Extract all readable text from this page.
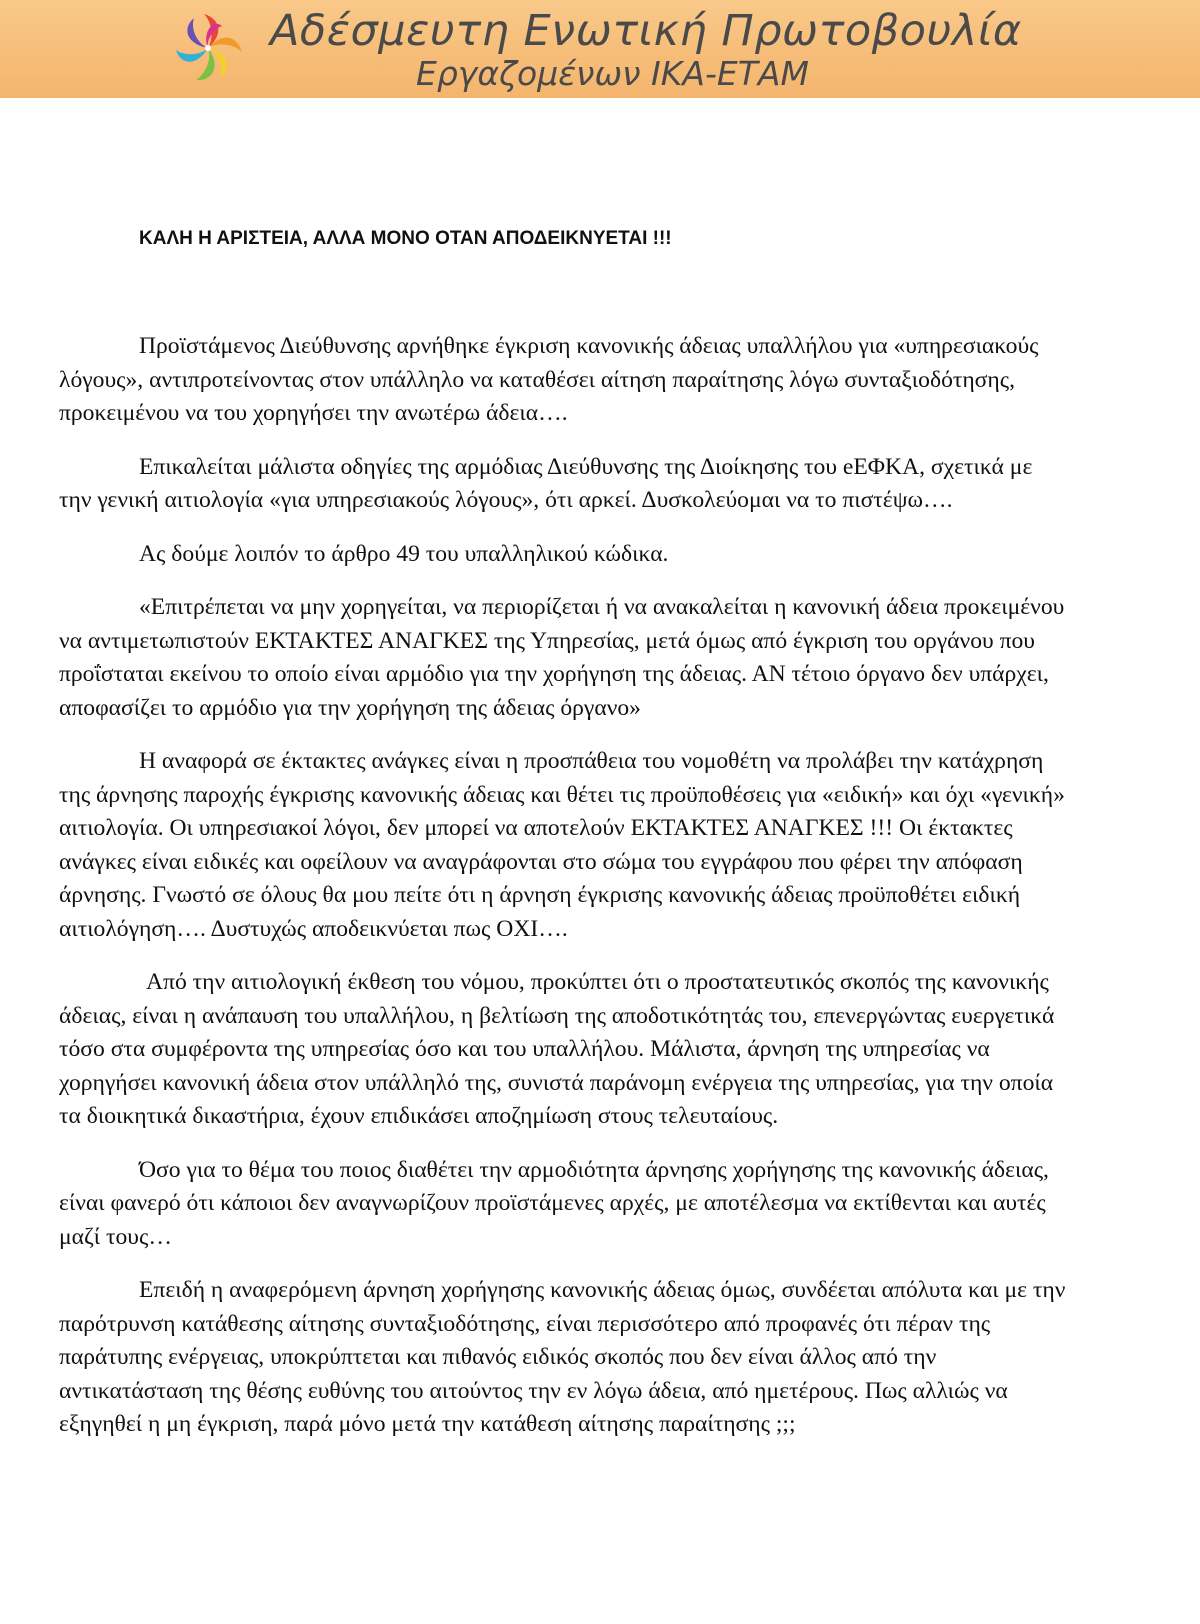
Αδέσμευτη Ενωτική Πρωτοβουλία
Εργαζομένων ΙΚΑ-ΕΤΑΜ
ΚΑΛΗ Η ΑΡΙΣΤΕΙΑ, ΑΛΛΑ ΜΟΝΟ ΟΤΑΝ ΑΠΟΔΕΙΚΝΥΕΤΑΙ !!!

Προϊστάμενος Διεύθυνσης αρνήθηκε έγκριση κανονικής άδειας υπαλλήλου για «υπηρεσιακούς λόγους», αντιπροτείνοντας στον υπάλληλο να καταθέσει αίτηση παραίτησης λόγω συνταξιοδότησης, προκειμένου να του χορηγήσει την ανωτέρω άδεια….

Επικαλείται μάλιστα οδηγίες της αρμόδιας Διεύθυνσης της Διοίκησης του eΕΦΚΑ, σχετικά με την γενική αιτιολογία «για υπηρεσιακούς λόγους», ότι αρκεί. Δυσκολεύομαι να το πιστέψω….

Ας δούμε λοιπόν το άρθρο 49 του υπαλληλικού κώδικα.

«Επιτρέπεται να μην χορηγείται, να περιορίζεται ή να ανακαλείται η κανονική άδεια προκειμένου να αντιμετωπιστούν ΕΚΤΑΚΤΕΣ ΑΝΑΓΚΕΣ της Υπηρεσίας, μετά όμως από έγκριση του οργάνου που προΐσταται εκείνου το οποίο είναι αρμόδιο για την χορήγηση της άδειας. ΑΝ τέτοιο όργανο δεν υπάρχει, αποφασίζει το αρμόδιο για την χορήγηση της άδειας όργανο»

Η αναφορά σε έκτακτες ανάγκες είναι η προσπάθεια του νομοθέτη να προλάβει την κατάχρηση της άρνησης παροχής έγκρισης κανονικής άδειας και θέτει τις προϋποθέσεις για «ειδική» και όχι «γενική» αιτιολογία. Οι υπηρεσιακοί λόγοι, δεν μπορεί να αποτελούν ΕΚΤΑΚΤΕΣ ΑΝΑΓΚΕΣ !!! Οι έκτακτες ανάγκες είναι ειδικές και οφείλουν να αναγράφονται στο σώμα του εγγράφου που φέρει την απόφαση άρνησης. Γνωστό σε όλους θα μου πείτε ότι η άρνηση έγκρισης κανονικής άδειας προϋποθέτει ειδική αιτιολόγηση…. Δυστυχώς αποδεικνύεται πως ΟΧΙ….

Από την αιτιολογική έκθεση του νόμου, προκύπτει ότι ο προστατευτικός σκοπός της κανονικής άδειας, είναι η ανάπαυση του υπαλλήλου, η βελτίωση της αποδοτικότητάς του, επενεργώντας ευεργετικά τόσο στα συμφέροντα της υπηρεσίας όσο και του υπαλλήλου. Μάλιστα, άρνηση της υπηρεσίας να χορηγήσει κανονική άδεια στον υπάλληλό της, συνιστά παράνομη ενέργεια της υπηρεσίας, για την οποία τα διοικητικά δικαστήρια, έχουν επιδικάσει αποζημίωση στους τελευταίους.

Όσο για το θέμα του ποιος διαθέτει την αρμοδιότητα άρνησης χορήγησης της κανονικής άδειας, είναι φανερό ότι κάποιοι δεν αναγνωρίζουν προϊστάμενες αρχές, με αποτέλεσμα να εκτίθενται και αυτές μαζί τους…

Επειδή η αναφερόμενη άρνηση χορήγησης κανονικής άδειας όμως, συνδέεται απόλυτα και με την παρότρυνση κατάθεσης αίτησης συνταξιοδότησης, είναι περισσότερο από προφανές ότι πέραν της παράτυπης ενέργειας, υποκρύπτεται και πιθανός ειδικός σκοπός που δεν είναι άλλος από την αντικατάσταση της θέσης ευθύνης του αιτούντος την εν λόγω άδεια, από ημετέρους. Πως αλλιώς να εξηγηθεί η μη έγκριση, παρά μόνο μετά την κατάθεση αίτησης παραίτησης ;;;
